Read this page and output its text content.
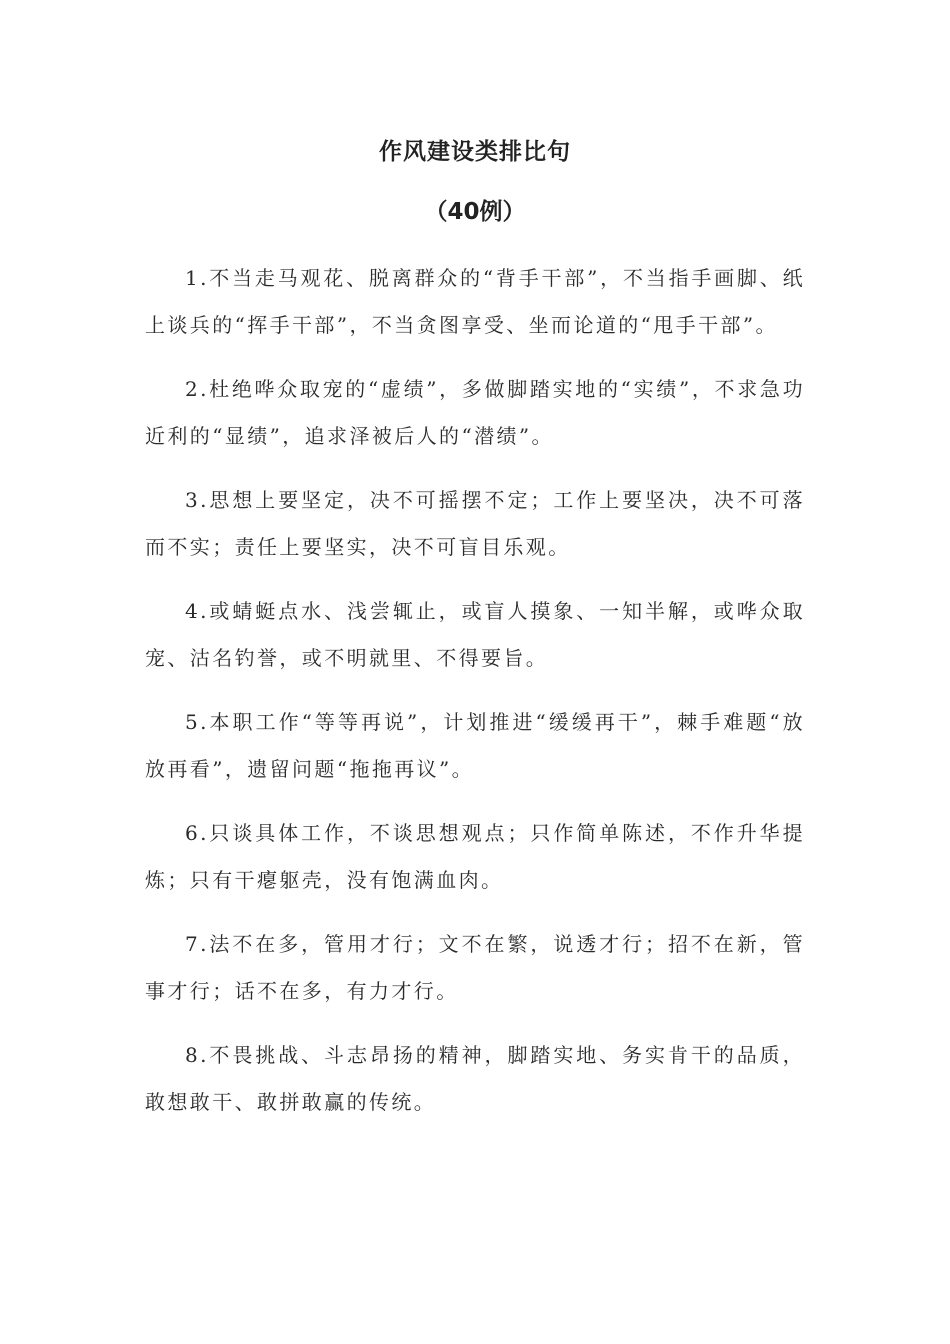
作风建设类排比句
（40例）

1.不当走马观花、脱离群众的“背手干部”，不当指手画脚、纸上谈兵的“挥手干部”，不当贪图享受、坐而论道的“甩手干部”。

2.杜绝哗众取宠的“虚绩”，多做脚踏实地的“实绩”，不求急功近利的“显绩”，追求泽被后人的“潜绩”。

3.思想上要坚定，决不可摇摆不定；工作上要坚决，决不可落而不实；责任上要坚实，决不可盲目乐观。

4.或蜻蜓点水、浅尝辄止，或盲人摸象、一知半解，或哗众取宠、沽名钓誉，或不明就里、不得要旨。

5.本职工作“等等再说”，计划推进“缓缓再干”，棘手难题“放放再看”，遗留问题“拖拖再议”。

6.只谈具体工作，不谈思想观点；只作简单陈述，不作升华提炼；只有干瘪躯壳，没有饱满血肉。

7.法不在多，管用才行；文不在繁，说透才行；招不在新，管事才行；话不在多，有力才行。

8.不畏挑战、斗志昂扬的精神，脚踏实地、务实肯干的品质，敢想敢干、敢拼敢赢的传统。
